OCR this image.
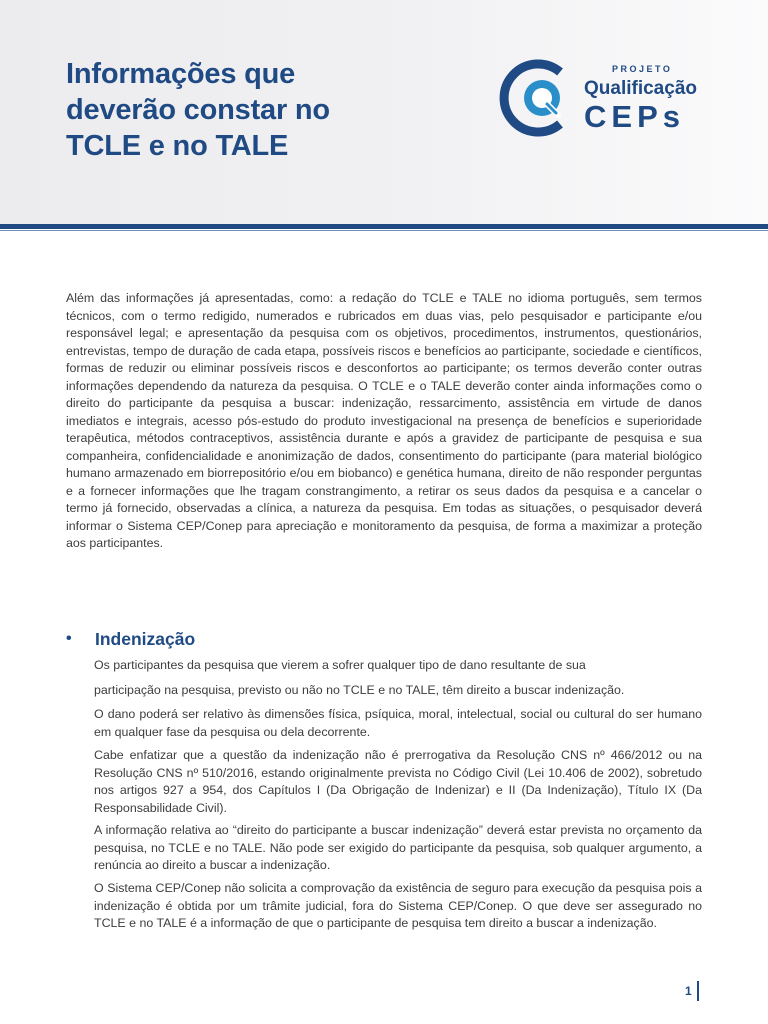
Informações que
deverão constar no
TCLE e no TALE
PROJETO
Qualificação
CEPs

Além das informações já apresentadas, como: a redação do TCLE e TALE no idioma português, sem termos técnicos, com o termo redigido, numerados e rubricados em duas vias, pelo pesquisador e participante e/ou responsável legal; e apresentação da pesquisa com os objetivos, procedimentos, instrumentos, questionários, entrevistas, tempo de duração de cada etapa, possíveis riscos e benefícios ao participante, sociedade e científicos, formas de reduzir ou eliminar possíveis riscos e desconfortos ao participante; os termos deverão conter outras informações dependendo da natureza da pesquisa. O TCLE e o TALE deverão conter ainda informações como o direito do participante da pesquisa a buscar: indenização, ressarcimento, assistência em virtude de danos imediatos e integrais, acesso pós-estudo do produto investigacional na presença de benefícios e superioridade terapêutica, métodos contraceptivos, assistência durante e após a gravidez de participante de pesquisa e sua companheira, confidencialidade e anonimização de dados, consentimento do participante (para material biológico humano armazenado em biorrepositório e/ou em biobanco) e genética humana, direito de não responder perguntas e a fornecer informações que lhe tragam constrangimento, a retirar os seus dados da pesquisa e a cancelar o termo já fornecido, observadas a clínica, a natureza da pesquisa. Em todas as situações, o pesquisador deverá informar o Sistema CEP/Conep para apreciação e monitoramento da pesquisa, de forma a maximizar a proteção aos participantes.

• Indenização

Os participantes da pesquisa que vierem a sofrer qualquer tipo de dano resultante de sua

participação na pesquisa, previsto ou não no TCLE e no TALE, têm direito a buscar indenização.

O dano poderá ser relativo às dimensões física, psíquica, moral, intelectual, social ou cultural do ser humano em qualquer fase da pesquisa ou dela decorrente.

Cabe enfatizar que a questão da indenização não é prerrogativa da Resolução CNS nº 466/2012 ou na Resolução CNS nº 510/2016, estando originalmente prevista no Código Civil (Lei 10.406 de 2002), sobretudo nos artigos 927 a 954, dos Capítulos I (Da Obrigação de Indenizar) e II (Da Indenização), Título IX (Da Responsabilidade Civil).

A informação relativa ao “direito do participante a buscar indenização” deverá estar prevista no orçamento da pesquisa, no TCLE e no TALE. Não pode ser exigido do participante da pesquisa, sob qualquer argumento, a renúncia ao direito a buscar a indenização.

O Sistema CEP/Conep não solicita a comprovação da existência de seguro para execução da pesquisa pois a indenização é obtida por um trâmite judicial, fora do Sistema CEP/Conep. O que deve ser assegurado no TCLE e no TALE é a informação de que o participante de pesquisa tem direito a buscar a indenização.

1
